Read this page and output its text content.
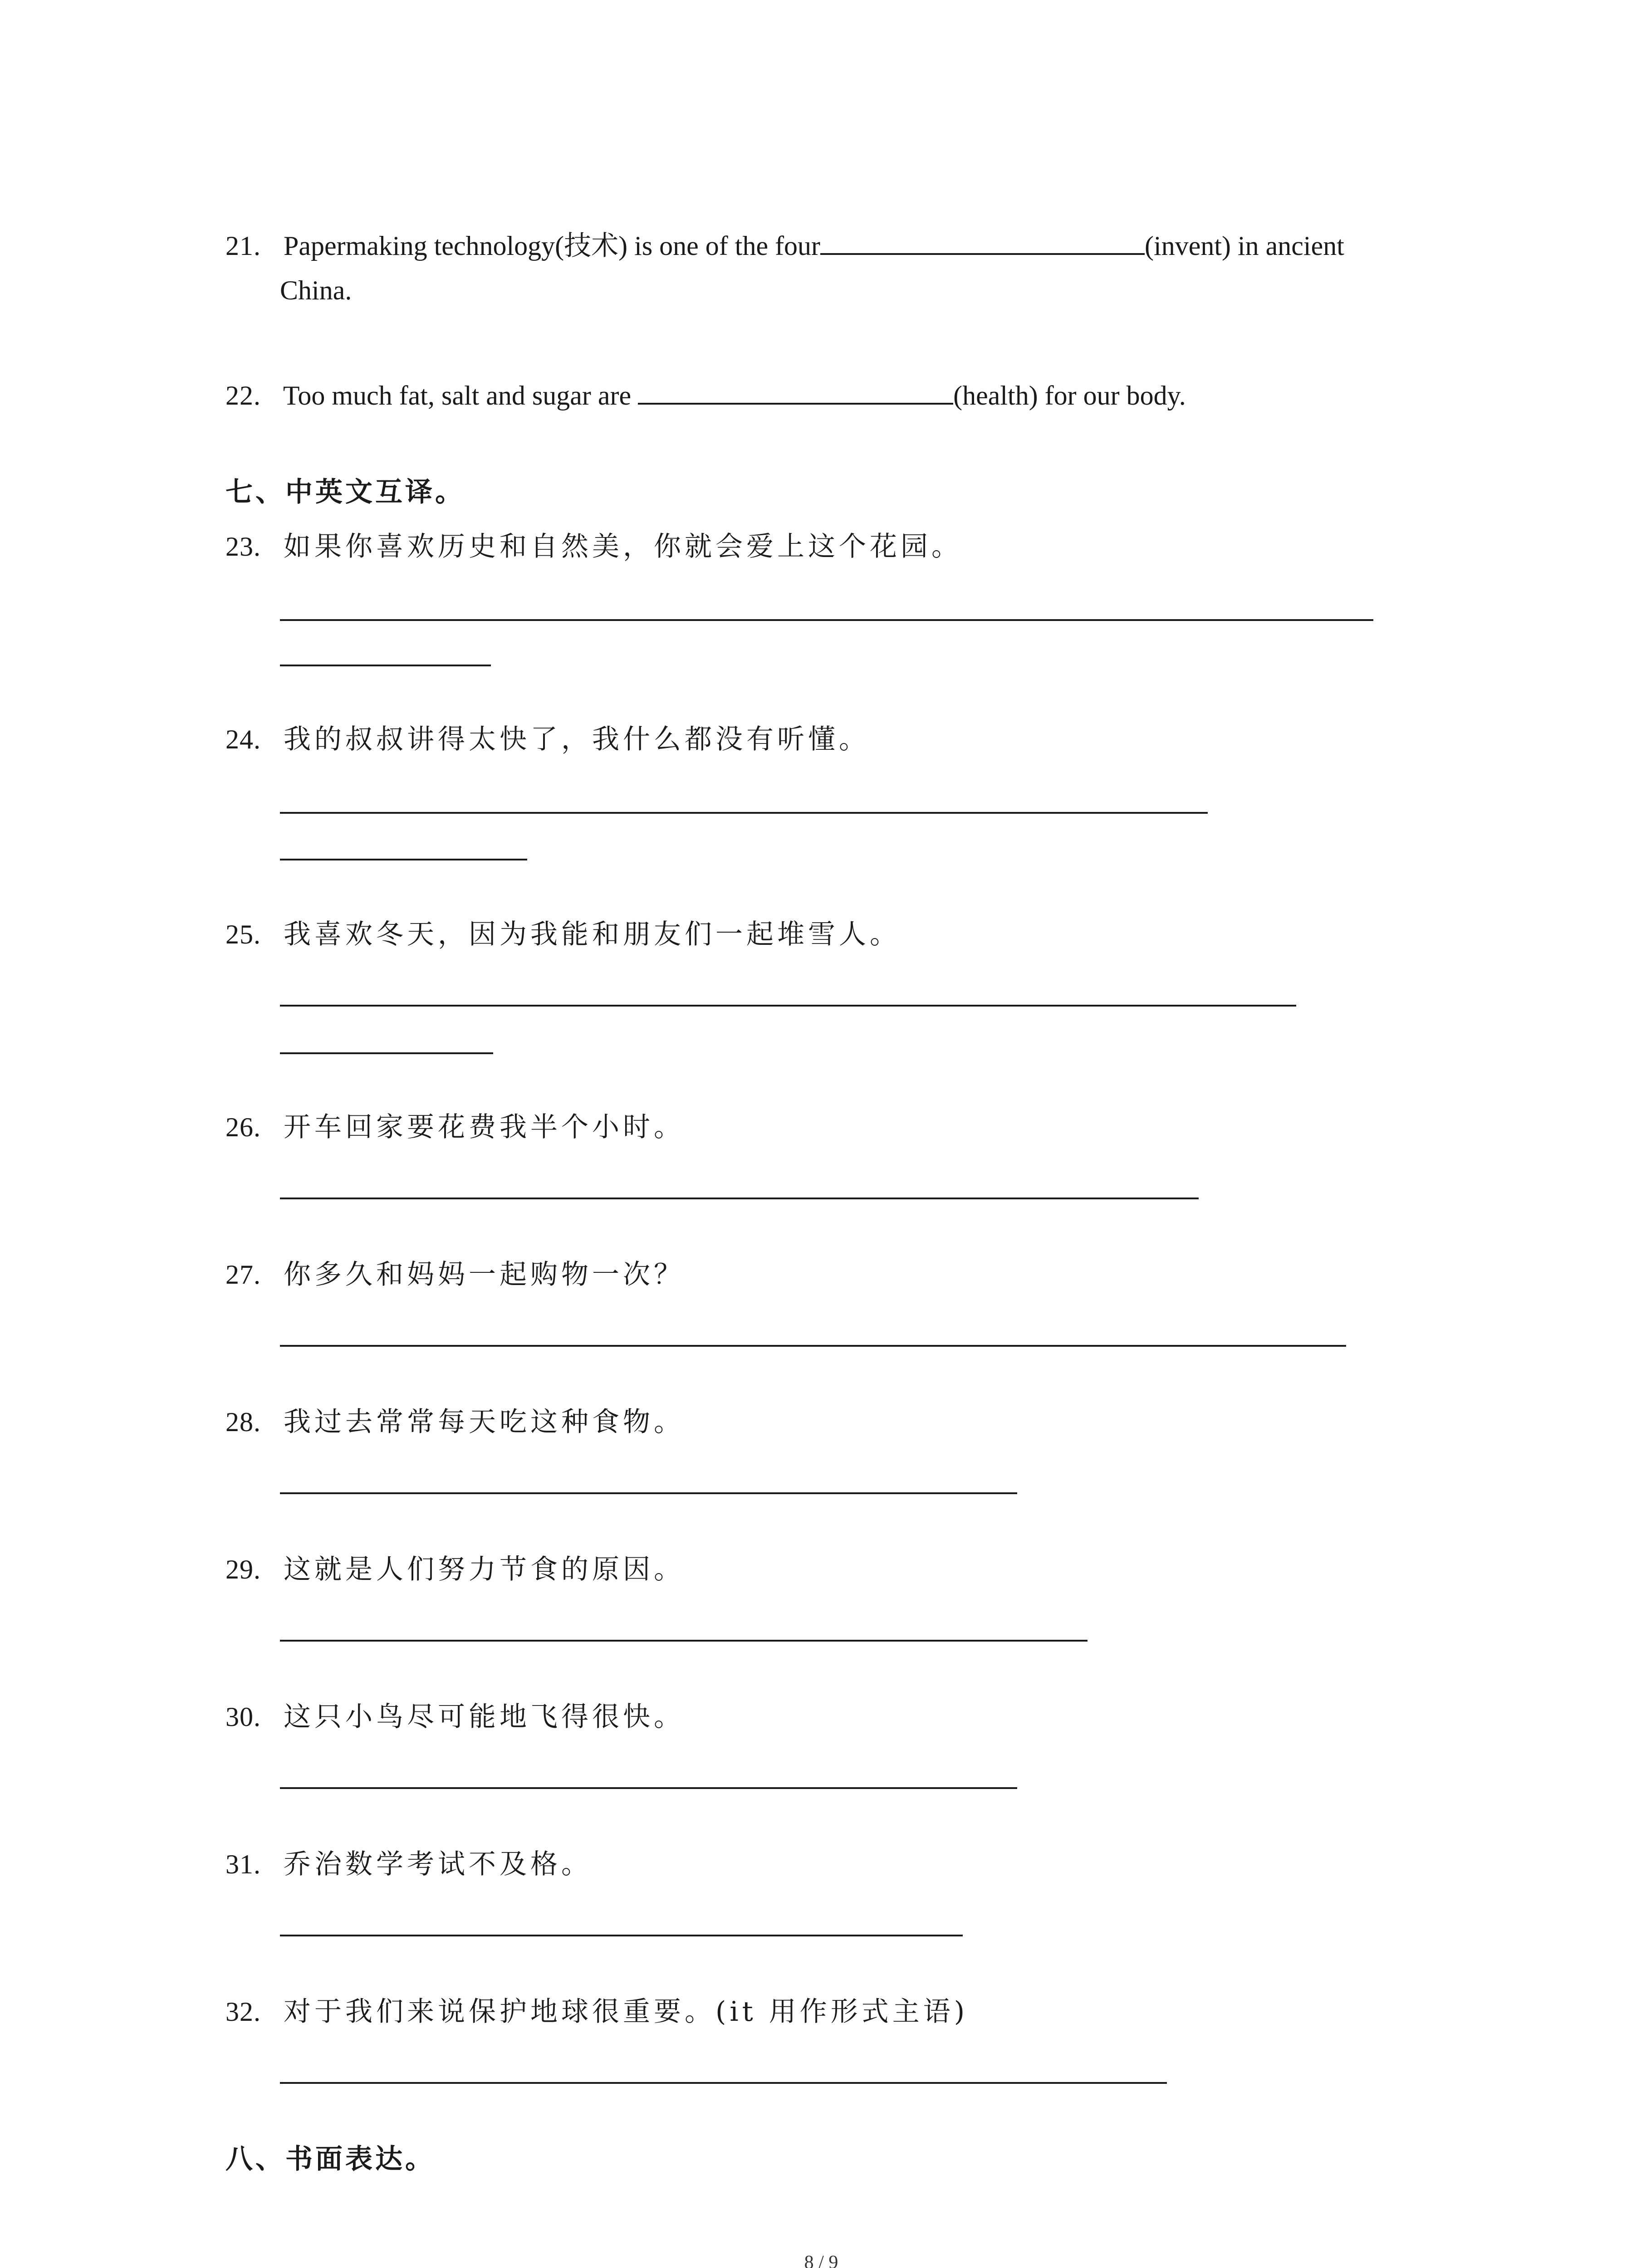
21. Papermaking technology(技术) is one of the four	(invent) in ancient
China.
22. Too much fat, salt and sugar are	(health) for our body.
七、中英文互译。
23. 如果你喜欢历史和自然美，你就会爱上这个花园。
24. 我的叔叔讲得太快了，我什么都没有听懂。
25. 我喜欢冬天，因为我能和朋友们一起堆雪人。
26. 开车回家要花费我半个小时。
27. 你多久和妈妈一起购物一次？
28. 我过去常常每天吃这种食物。
29. 这就是人们努力节食的原因。
30. 这只小鸟尽可能地飞得很快。
31. 乔治数学考试不及格。
32. 对于我们来说保护地球很重要。(it 用作形式主语)
八、书面表达。
8 / 9
